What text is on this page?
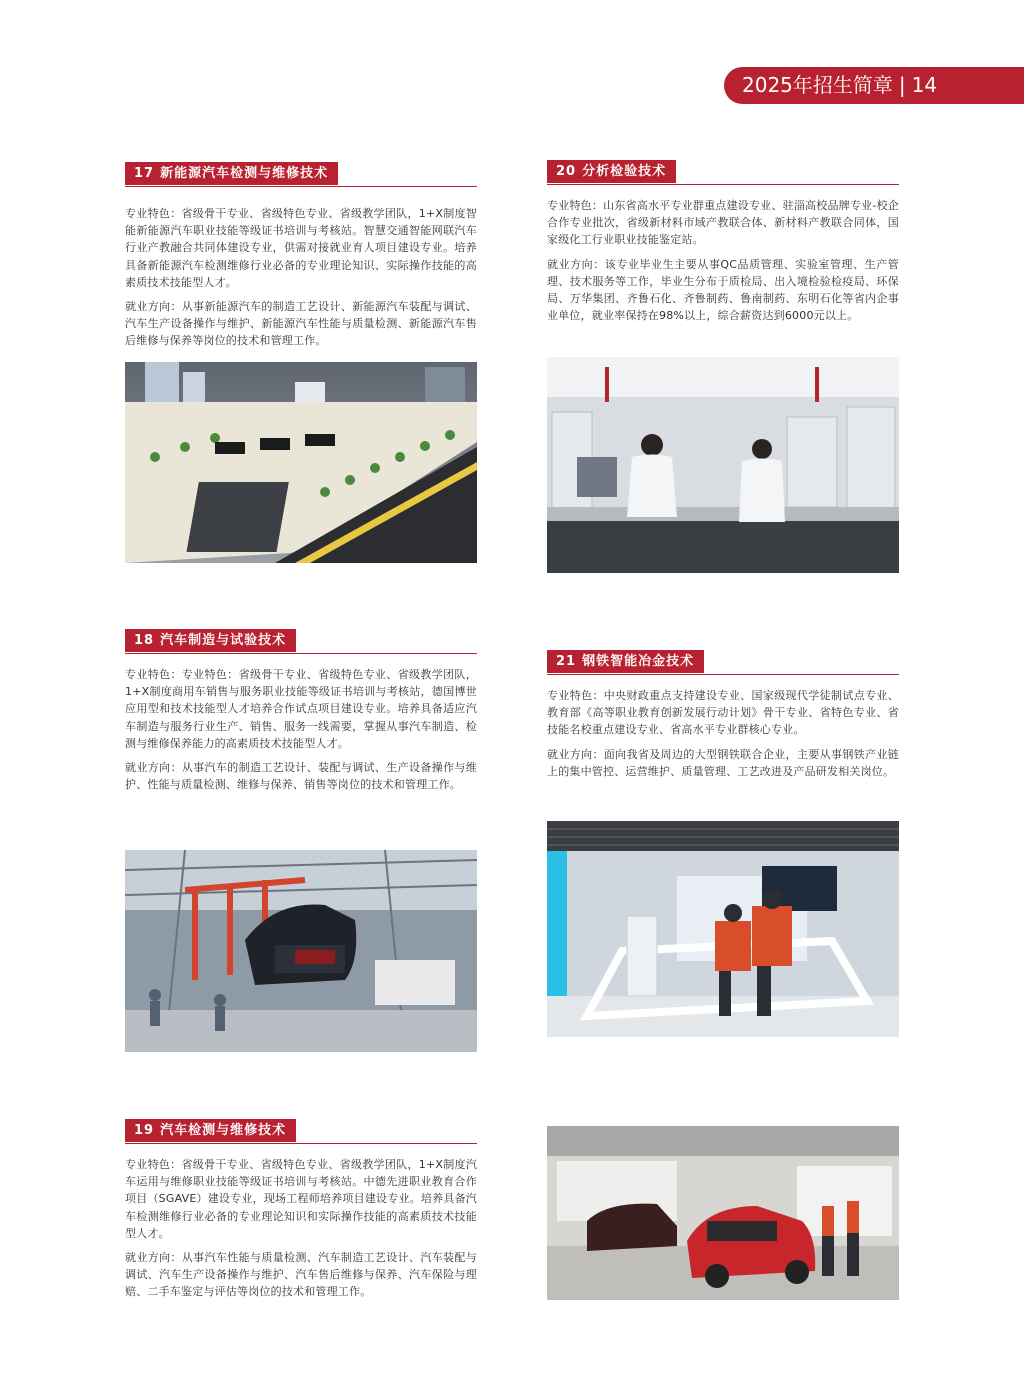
2025年招生简章 | 14
17 新能源汽车检测与维修技术

专业特色：省级骨干专业、省级特色专业、省级教学团队，1+X制度智能新能源汽车职业技能等级证书培训与考核站。智慧交通智能网联汽车行业产教融合共同体建设专业，供需对接就业育人项目建设专业。培养具备新能源汽车检测维修行业必备的专业理论知识、实际操作技能的高素质技术技能型人才。

就业方向：从事新能源汽车的制造工艺设计、新能源汽车装配与调试、汽车生产设备操作与维护、新能源汽车性能与质量检测、新能源汽车售后维修与保养等岗位的技术和管理工作。

18 汽车制造与试验技术

专业特色：专业特色：省级骨干专业、省级特色专业、省级教学团队，1+X制度商用车销售与服务职业技能等级证书培训与考核站，德国博世应用型和技术技能型人才培养合作试点项目建设专业。培养具备适应汽车制造与服务行业生产、销售、服务一线需要，掌握从事汽车制造、检测与维修保养能力的高素质技术技能型人才。

就业方向：从事汽车的制造工艺设计、装配与调试、生产设备操作与维护、性能与质量检测、维修与保养、销售等岗位的技术和管理工作。

19 汽车检测与维修技术

专业特色：省级骨干专业、省级特色专业、省级教学团队，1+X制度汽车运用与维修职业技能等级证书培训与考核站。中德先进职业教育合作项目（SGAVE）建设专业，现场工程师培养项目建设专业。培养具备汽车检测维修行业必备的专业理论知识和实际操作技能的高素质技术技能型人才。

就业方向：从事汽车性能与质量检测、汽车制造工艺设计、汽车装配与调试、汽车生产设备操作与维护、汽车售后维修与保养、汽车保险与理赔、二手车鉴定与评估等岗位的技术和管理工作。

20 分析检验技术

专业特色：山东省高水平专业群重点建设专业、驻淄高校品牌专业-校企合作专业批次，省级新材料市域产教联合体、新材料产教联合同体，国家级化工行业职业技能鉴定站。

就业方向：该专业毕业生主要从事QC品质管理、实验室管理、生产管理、技术服务等工作，毕业生分布于质检局、出入境检验检疫局、环保局、万华集团、齐鲁石化、齐鲁制药、鲁南制药、东明石化等省内企事业单位，就业率保持在98%以上，综合薪资达到6000元以上。

21 钢铁智能冶金技术

专业特色：中央财政重点支持建设专业、国家级现代学徒制试点专业、教育部《高等职业教育创新发展行动计划》骨干专业、省特色专业、省技能名校重点建设专业、省高水平专业群核心专业。

就业方向：面向我省及周边的大型钢铁联合企业，主要从事钢铁产业链上的集中管控、运营维护、质量管理、工艺改进及产品研发相关岗位。
